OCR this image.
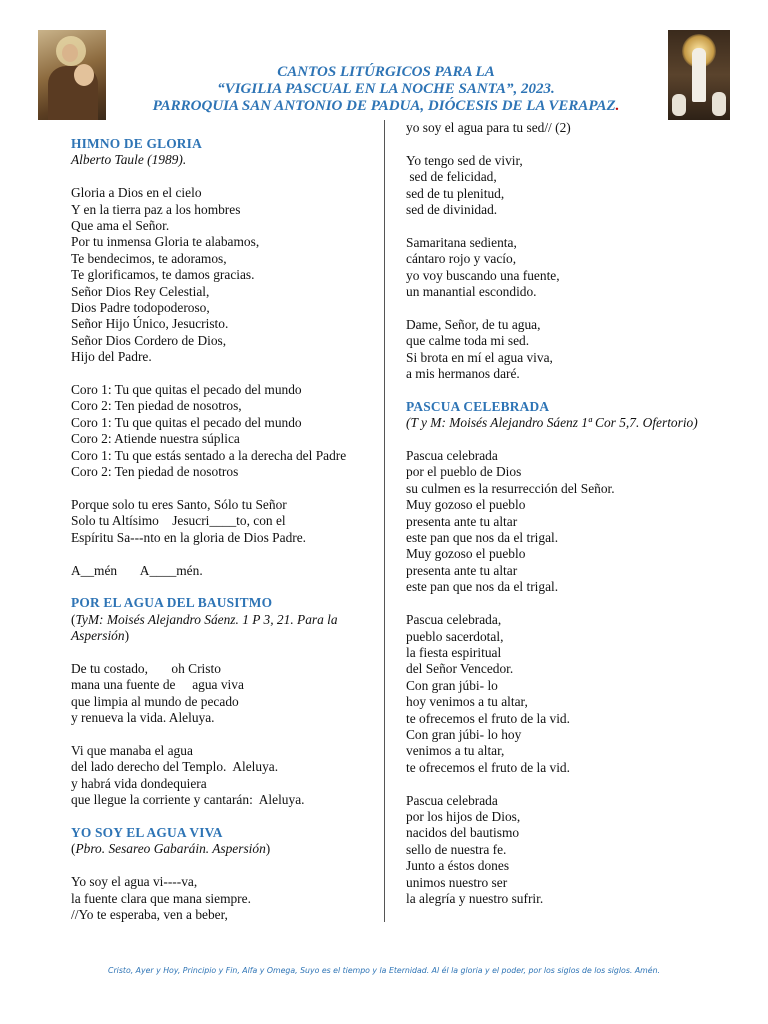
CANTOS LITÚRGICOS PARA LA
“VIGILIA PASCUAL EN LA NOCHE SANTA”, 2023.
PARROQUIA SAN ANTONIO DE PADUA, DIÓCESIS DE LA VERAPAZ.
HIMNO DE GLORIA
Alberto Taule (1989).
Gloria a Dios en el cielo
Y en la tierra paz a los hombres
Que ama el Señor.
Por tu inmensa Gloria te alabamos,
Te bendecimos, te adoramos,
Te glorificamos, te damos gracias.
Señor Dios Rey Celestial,
Dios Padre todopoderoso,
Señor Hijo Único, Jesucristo.
Señor Dios Cordero de Dios,
Hijo del Padre.
Coro 1: Tu que quitas el pecado del mundo
Coro 2: Ten piedad de nosotros,
Coro 1: Tu que quitas el pecado del mundo
Coro 2: Atiende nuestra súplica
Coro 1: Tu que estás sentado a la derecha del Padre
Coro 2: Ten piedad de nosotros
Porque solo tu eres Santo, Sólo tu Señor
Solo tu Altísimo    Jesucri____to, con el
Espíritu Sa---nto en la gloria de Dios Padre.
A__mén       A____mén.
POR EL AGUA DEL BAUSITMO
(TyM: Moisés Alejandro Sáenz. 1 P 3, 21. Para la Aspersión)
De tu costado,       oh Cristo
mana una fuente de     agua viva
que limpia al mundo de pecado
y renueva la vida. Aleluya.
Vi que manaba el agua
del lado derecho del Templo.  Aleluya.
y habrá vida dondequiera
que llegue la corriente y cantarán:  Aleluya.
YO SOY EL AGUA VIVA
(Pbro. Sesareo Gabaráin. Aspersión)
Yo soy el agua vi----va,
la fuente clara que mana siempre.
//Yo te esperaba, ven a beber,
yo soy el agua para tu sed// (2)
Yo tengo sed de vivir,
sed de felicidad,
sed de tu plenitud,
sed de divinidad.
Samaritana sedienta,
cántaro rojo y vacío,
yo voy buscando una fuente,
un manantial escondido.
Dame, Señor, de tu agua,
que calme toda mi sed.
Si brota en mí el agua viva,
a mis hermanos daré.
PASCUA CELEBRADA
(T y M: Moisés Alejandro Sáenz 1ª Cor 5,7. Ofertorio)
Pascua celebrada
por el pueblo de Dios
su culmen es la resurrección del Señor.
Muy gozoso el pueblo
presenta ante tu altar
este pan que nos da el trigal.
Muy gozoso el pueblo
presenta ante tu altar
este pan que nos da el trigal.
Pascua celebrada,
pueblo sacerdotal,
la fiesta espiritual
del Señor Vencedor.
Con gran júbi- lo
hoy venimos a tu altar,
te ofrecemos el fruto de la vid.
Con gran júbi- lo hoy
venimos a tu altar,
te ofrecemos el fruto de la vid.
Pascua celebrada
por los hijos de Dios,
nacidos del bautismo
sello de nuestra fe.
Junto a éstos dones
unimos nuestro ser
la alegría y nuestro sufrir.
Cristo, Ayer y Hoy, Principio y Fin, Alfa y Omega, Suyo es el tiempo y la Eternidad. Al él la gloria y el poder, por los siglos de los siglos. Amén.
